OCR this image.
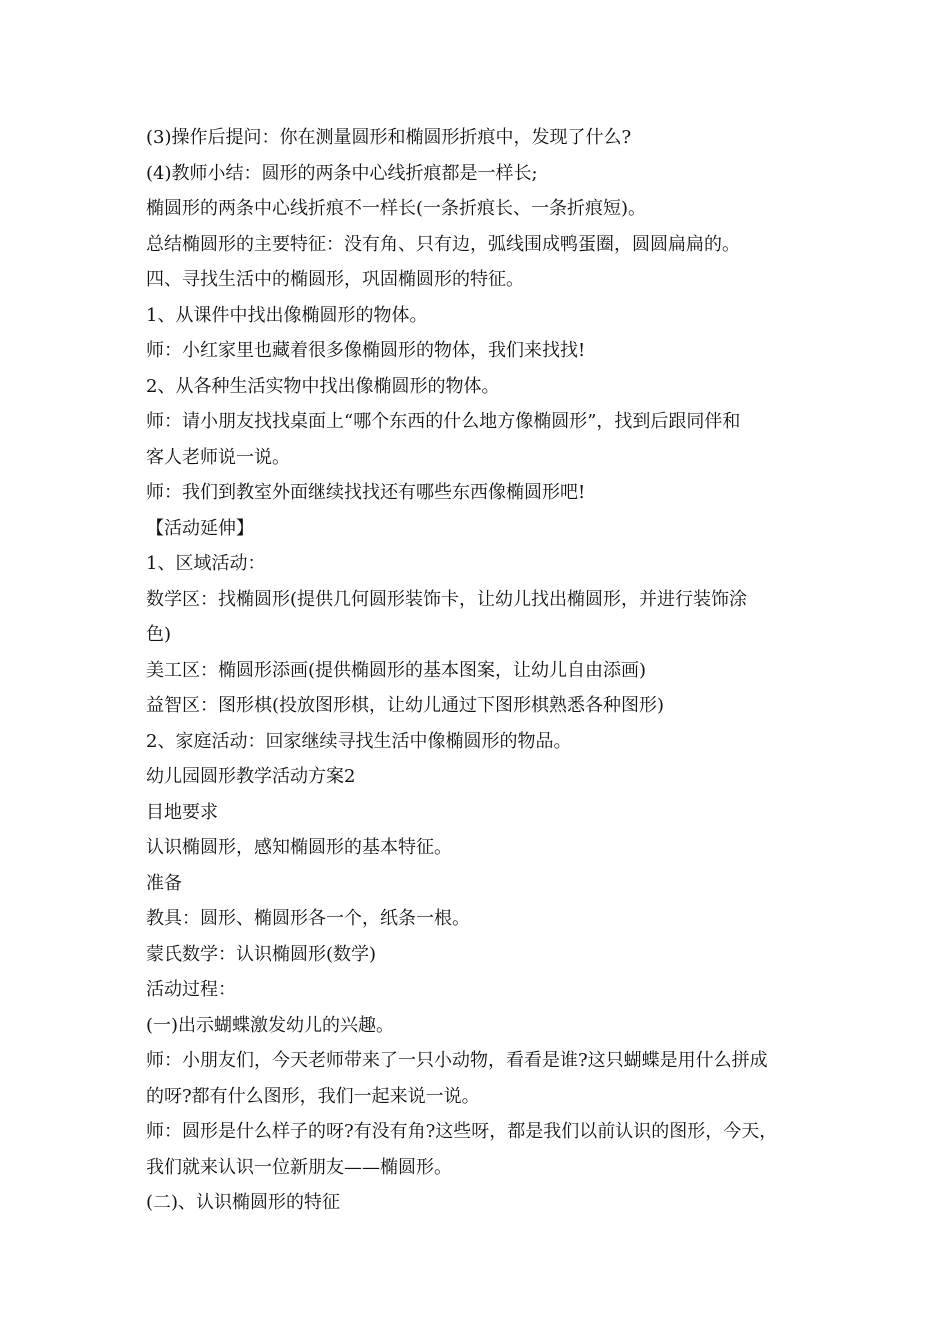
(3)操作后提问：你在测量圆形和椭圆形折痕中，发现了什么?
(4)教师小结：圆形的两条中心线折痕都是一样长;
椭圆形的两条中心线折痕不一样长(一条折痕长、一条折痕短)。
总结椭圆形的主要特征：没有角、只有边，弧线围成鸭蛋圈，圆圆扁扁的。
四、寻找生活中的椭圆形，巩固椭圆形的特征。
1、从课件中找出像椭圆形的物体。
师：小红家里也藏着很多像椭圆形的物体，我们来找找!
2、从各种生活实物中找出像椭圆形的物体。
师：请小朋友找找桌面上“哪个东西的什么地方像椭圆形”，找到后跟同伴和
客人老师说一说。
师：我们到教室外面继续找找还有哪些东西像椭圆形吧!
【活动延伸】
1、区域活动：
数学区：找椭圆形(提供几何圆形装饰卡，让幼儿找出椭圆形，并进行装饰涂
色)
美工区：椭圆形添画(提供椭圆形的基本图案，让幼儿自由添画)
益智区：图形棋(投放图形棋，让幼儿通过下图形棋熟悉各种图形)
2、家庭活动：回家继续寻找生活中像椭圆形的物品。
幼儿园圆形教学活动方案2
目地要求
认识椭圆形，感知椭圆形的基本特征。
准备
教具：圆形、椭圆形各一个，纸条一根。
蒙氏数学：认识椭圆形(数学)
活动过程：
(一)出示蝴蝶激发幼儿的兴趣。
师：小朋友们，今天老师带来了一只小动物，看看是谁?这只蝴蝶是用什么拼成
的呀?都有什么图形，我们一起来说一说。
师：圆形是什么样子的呀?有没有角?这些呀，都是我们以前认识的图形，今天，
我们就来认识一位新朋友——椭圆形。
(二)、认识椭圆形的特征
